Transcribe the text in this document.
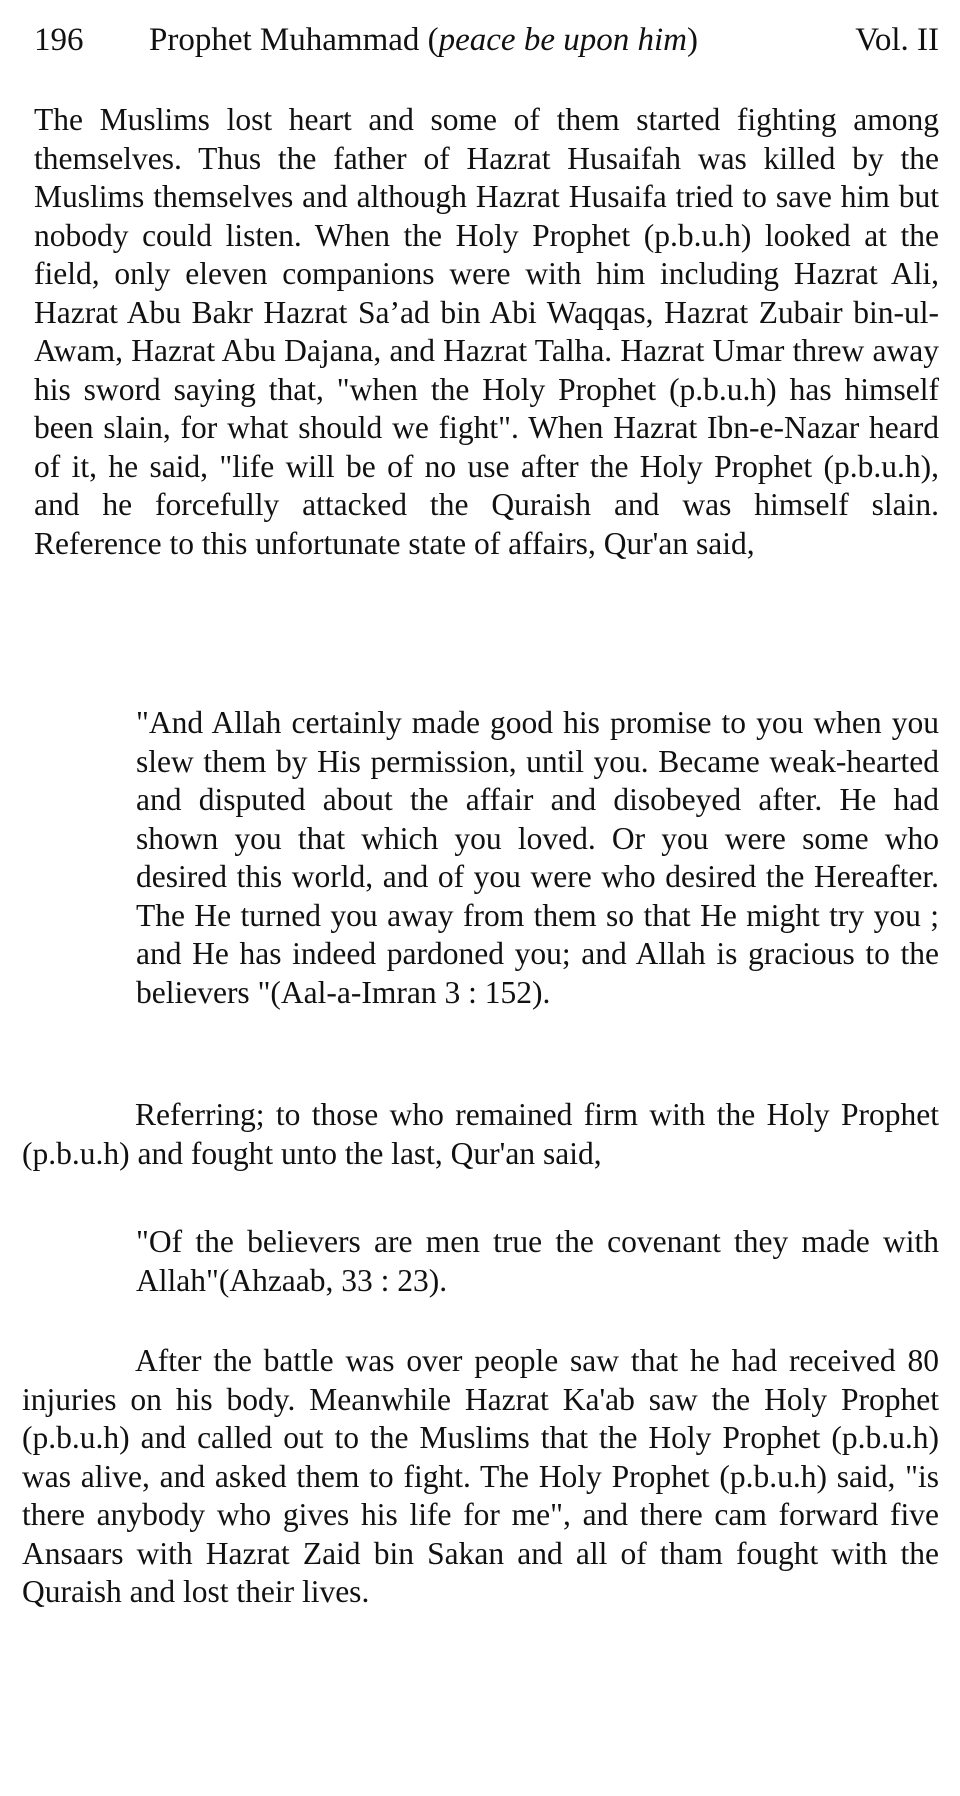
196 Prophet Muhammad (peace be upon him)	Vol. II

The Muslims lost heart and some of them started fighting among themselves. Thus the father of Hazrat Husaifah was killed by the Muslims themselves and although Hazrat Husaifa tried to save him but nobody could listen. When the Holy Prophet (p.b.u.h) looked at the field, only eleven companions were with him including Hazrat Ali, Hazrat Abu Bakr Hazrat Sa’ad bin Abi Waqqas, Hazrat Zubair bin-ul-Awam, Hazrat Abu Dajana, and Hazrat Talha. Hazrat Umar threw away his sword saying that, "when the Holy Prophet (p.b.u.h) has himself been slain, for what should we fight". When Hazrat Ibn-e-Nazar heard of it, he said, "life will be of no use after the Holy Prophet (p.b.u.h), and he forcefully attacked the Quraish and was himself slain. Reference to this unfortunate state of affairs, Qur'an said,

"And Allah certainly made good his promise to you when you slew them by His permission, until you. Became weak-hearted and disputed about the affair and disobeyed after. He had shown you that which you loved. Or you were some who desired this world, and of you were who desired the Hereafter. The He turned you away from them so that He might try you ; and He has indeed pardoned you; and Allah is gracious to the believers "(Aal-a-Imran 3 : 152).

Referring; to those who remained firm with the Holy Prophet (p.b.u.h) and fought unto the last, Qur'an said,

"Of the believers are men true the covenant they made with Allah"(Ahzaab, 33 : 23).

After the battle was over people saw that he had received 80 injuries on his body. Meanwhile Hazrat Ka'ab saw the Holy Prophet (p.b.u.h) and called out to the Muslims that the Holy Prophet (p.b.u.h) was alive, and asked them to fight. The Holy Prophet (p.b.u.h) said, "is there anybody who gives his life for me", and there cam forward five Ansaars with Hazrat Zaid bin Sakan and all of tham fought with the Quraish and lost their lives.
